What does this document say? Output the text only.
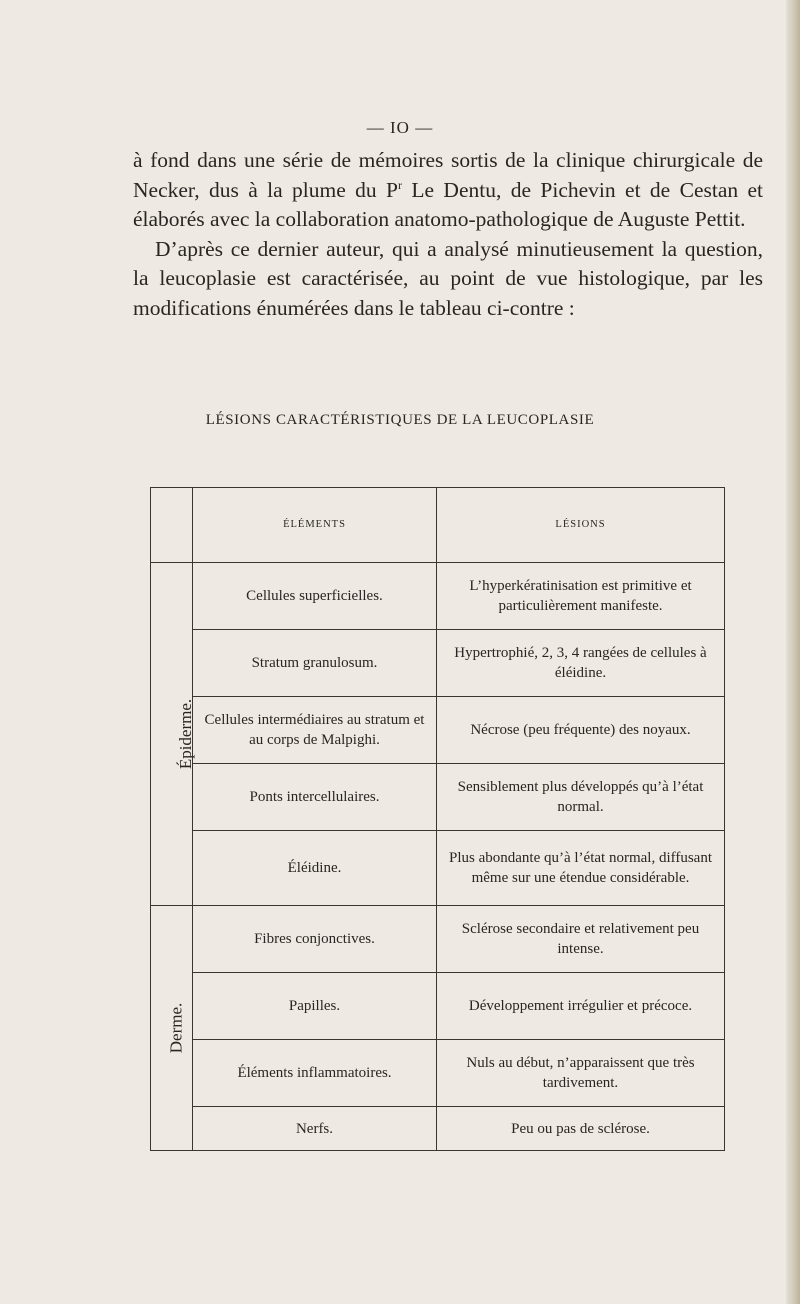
— IO —

à fond dans une série de mémoires sortis de la clinique chirurgicale de Necker, dus à la plume du $P^r$ Le Dentu, de Pichevin et de Cestan et élaborés avec la collaboration anatomo-pathologique de Auguste Pettit.

D’après ce dernier auteur, qui a analysé minutieusement la question, la leucoplasie est caractérisée, au point de vue histologique, par les modifications énumérées dans le tableau ci-contre :

LÉSIONS CARACTÉRISTIQUES DE LA LEUCOPLASIE
	ÉLÉMENTS	LÉSIONS
Épiderme.	Cellules superficielles.	L’hyperkératinisation est primitive et particulièrement manifeste.
	Stratum granulosum.	Hypertrophié, 2, 3, 4 rangées de cellules à éléidine.
	Cellules intermédiaires au stratum et au corps de Malpighi.	Nécrose (peu fréquente) des noyaux.
	Ponts intercellulaires.	Sensiblement plus développés qu’à l’état normal.
	Éléidine.	Plus abondante qu’à l’état normal, diffusant même sur une étendue considérable.
Derme.	Fibres conjonctives.	Sclérose secondaire et relativement peu intense.
	Papilles.	Développement irrégulier et précoce.
	Éléments inflammatoires.	Nuls au début, n’apparaissent que très tardivement.
	Nerfs.	Peu ou pas de sclérose.
